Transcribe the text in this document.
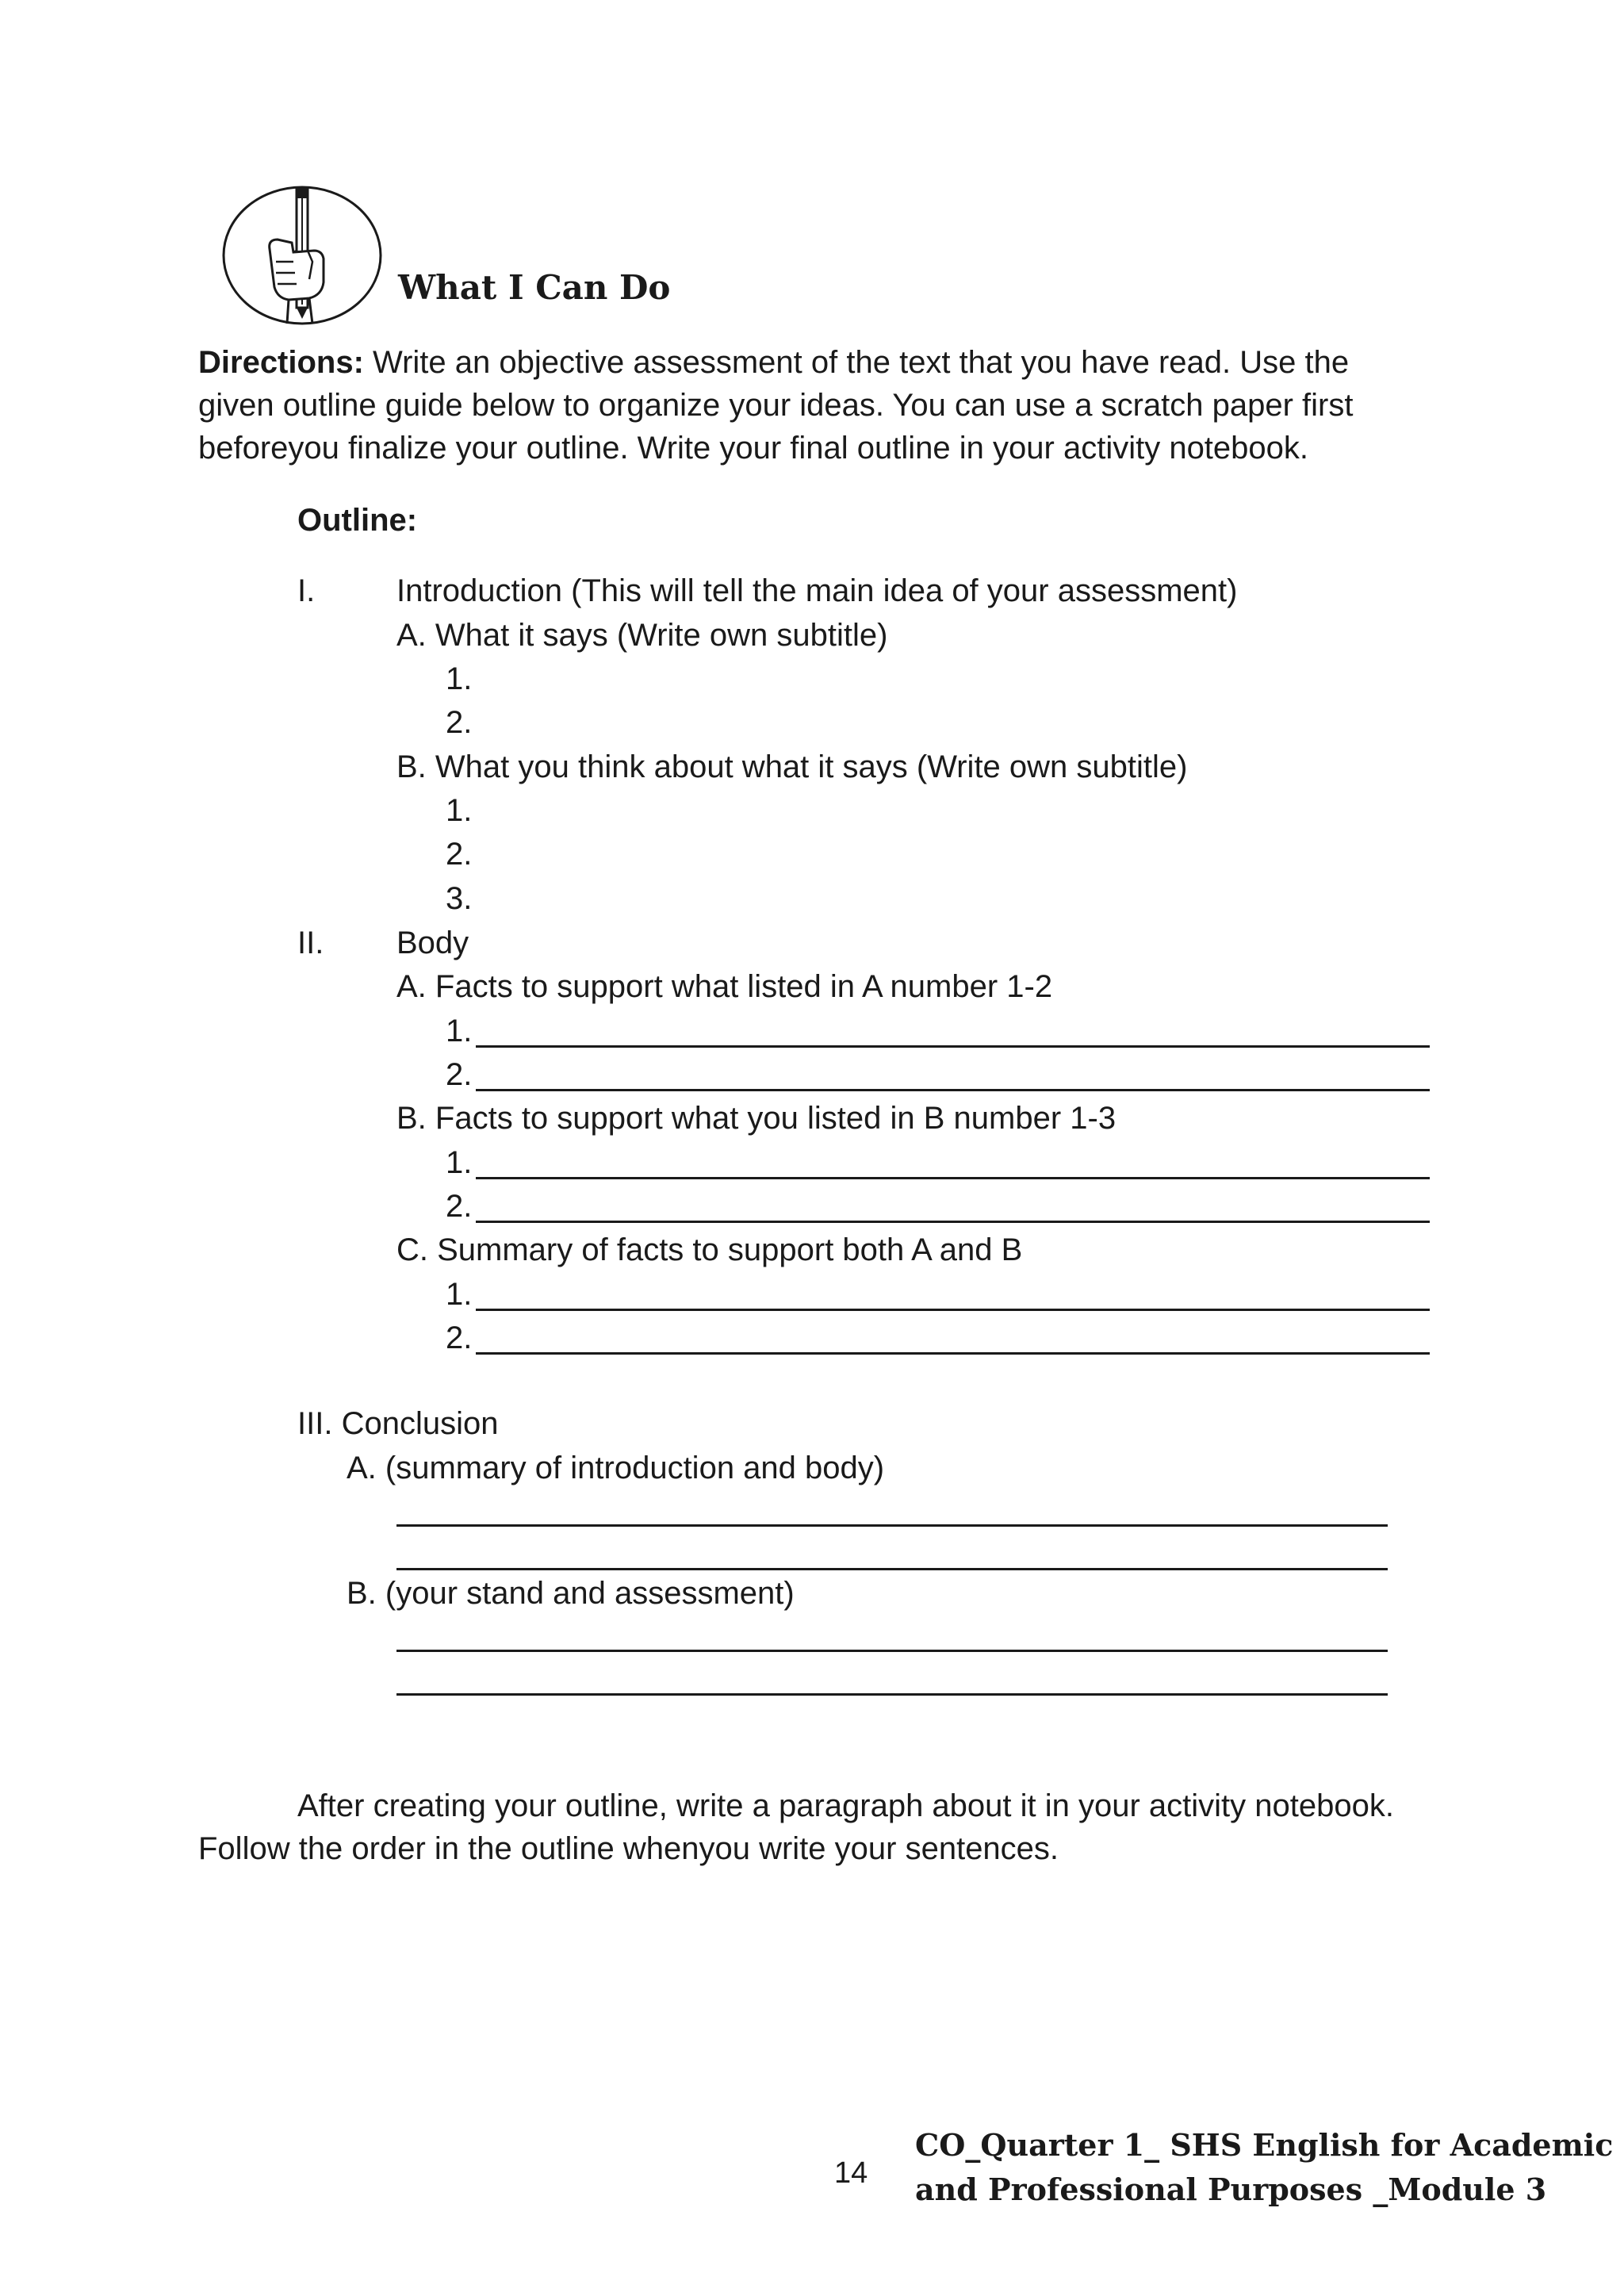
What I Can Do
Directions: Write an objective assessment of the text that you have read. Use the
given outline guide below to organize your ideas. You can use a scratch paper first
beforeyou finalize your outline. Write your final outline in your activity notebook.
Outline:
I.	Introduction (This will tell the main idea of your assessment)
A. What it says (Write own subtitle)
1.
2.
B. What you think about what it says (Write own subtitle)
1.
2.
3.
II. Body
A. Facts to support what listed in A number 1-2
1.
2.
B. Facts to support what you listed in B number 1-3
1.
2.
C. Summary of facts to support both A and B
1.
2.
III. Conclusion
A. (summary of introduction and body)
B. (your stand and assessment)
After creating your outline, write a paragraph about it in your activity notebook.
Follow the order in the outline whenyou write your sentences.
14
CO_Quarter 1_ SHS English for Academic
and Professional Purposes _Module 3
